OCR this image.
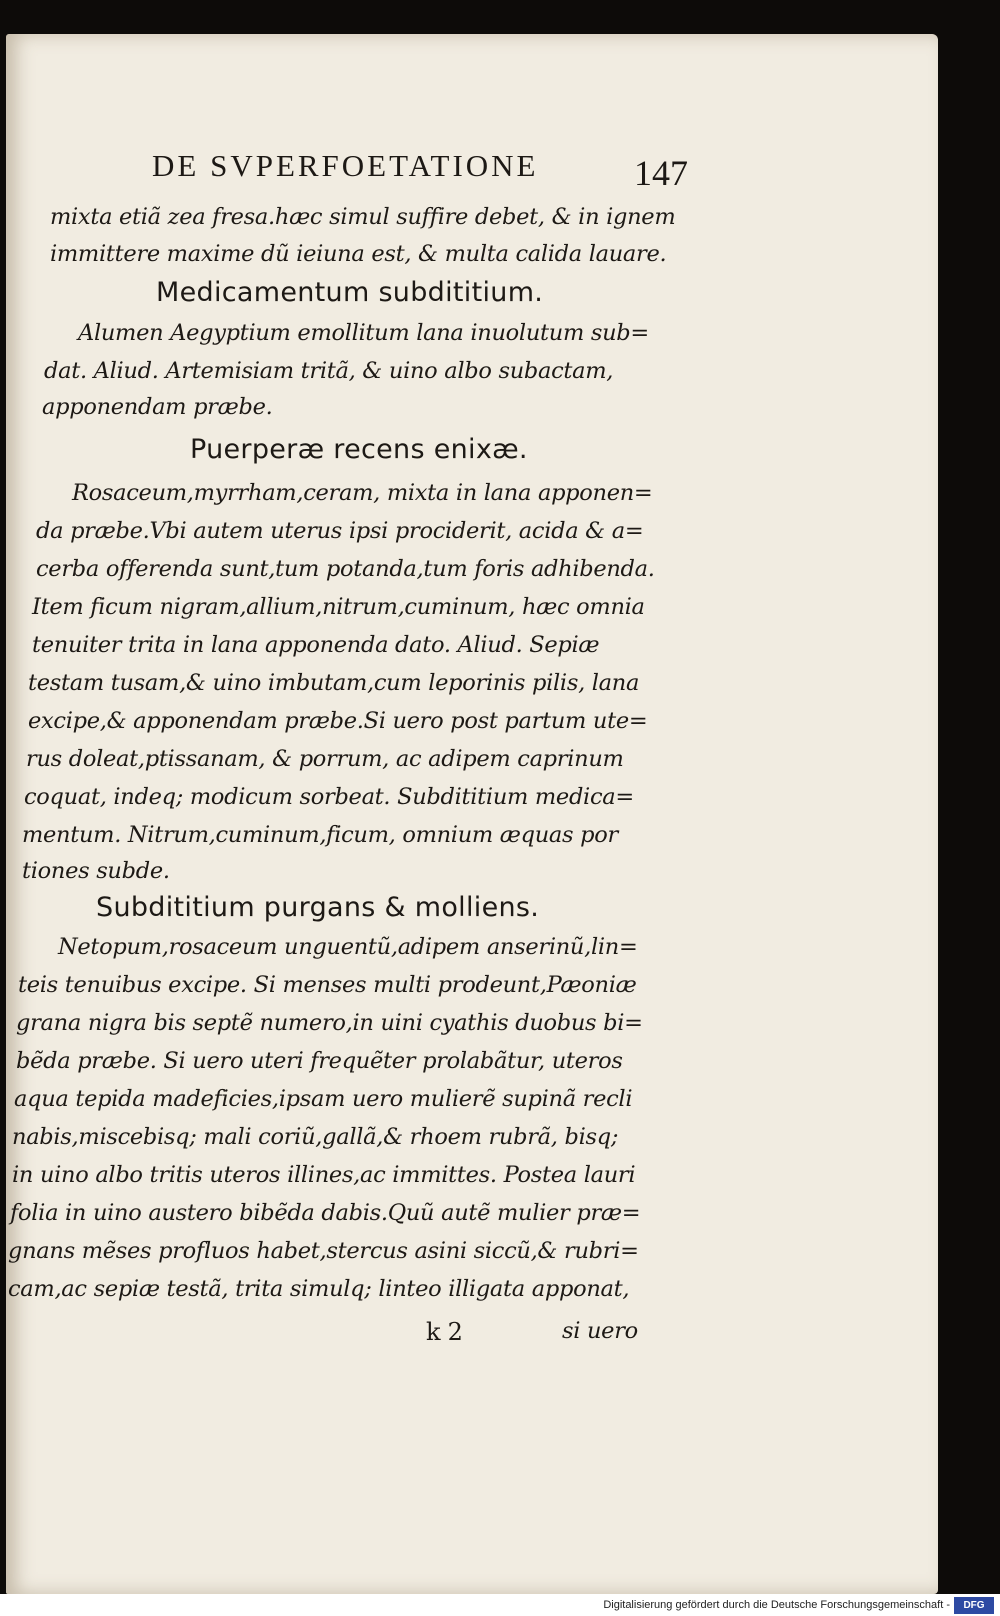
DE SVPERFOETATIONE	147
mixta etiã zea fresa.hæc simul suffire debet, & in ignem
immittere maxime dũ ieiuna est, & multa calida lauare.
Medicamentum subdititium.
Alumen Aegyptium emollitum lana inuolutum sub=
dat. Aliud. Artemisiam tritã, & uino albo subactam,
apponendam præbe.
Puerperæ recens enixæ.
Rosaceum,myrrham,ceram, mixta in lana apponen=
da præbe.Vbi autem uterus ipsi prociderit, acida & a=
cerba offerenda sunt,tum potanda,tum foris adhibenda.
Item ficum nigram,allium,nitrum,cuminum, hæc omnia
tenuiter trita in lana apponenda dato. Aliud. Sepiæ
testam tusam,& uino imbutam,cum leporinis pilis, lana
excipe,& apponendam præbe.Si uero post partum ute=
rus doleat,ptissanam, & porrum, ac adipem caprinum
coquat, indeq; modicum sorbeat. Subdititium medica=
mentum. Nitrum,cuminum,ficum, omnium æquas por
tiones subde.
Subdititium purgans & molliens.
Netopum,rosaceum unguentũ,adipem anserinũ,lin=
teis tenuibus excipe. Si menses multi prodeunt,Pæoniæ
grana nigra bis septẽ numero,in uini cyathis duobus bi=
bẽda præbe. Si uero uteri frequẽter prolabãtur, uteros
aqua tepida madeficies,ipsam uero mulierẽ supinã recli
nabis,miscebisq; mali coriũ,gallã,& rhoem rubrã, bisq;
in uino albo tritis uteros illines,ac immittes. Postea lauri
folia in uino austero bibẽda dabis.Quũ autẽ mulier præ=
gnans mẽses profluos habet,stercus asini siccũ,& rubri=
cam,ac sepiæ testã, trita simulq; linteo illigata apponat,
k 2	si uero
Digitalisierung gefördert durch die Deutsche Forschungsgemeinschaft -	DFG
